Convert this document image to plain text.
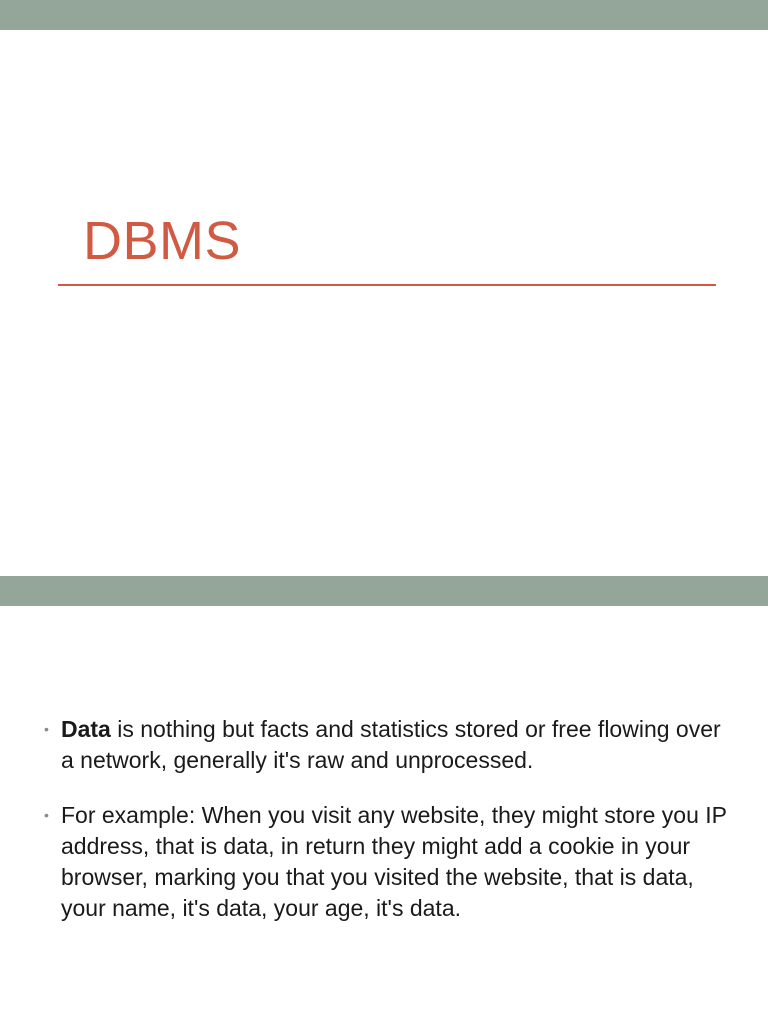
DBMS
• Data is nothing but facts and statistics stored or free flowing over a network, generally it's raw and unprocessed.
• For example: When you visit any website, they might store you IP address, that is data, in return they might add a cookie in your browser, marking you that you visited the website, that is data, your name, it's data, your age, it's data.
